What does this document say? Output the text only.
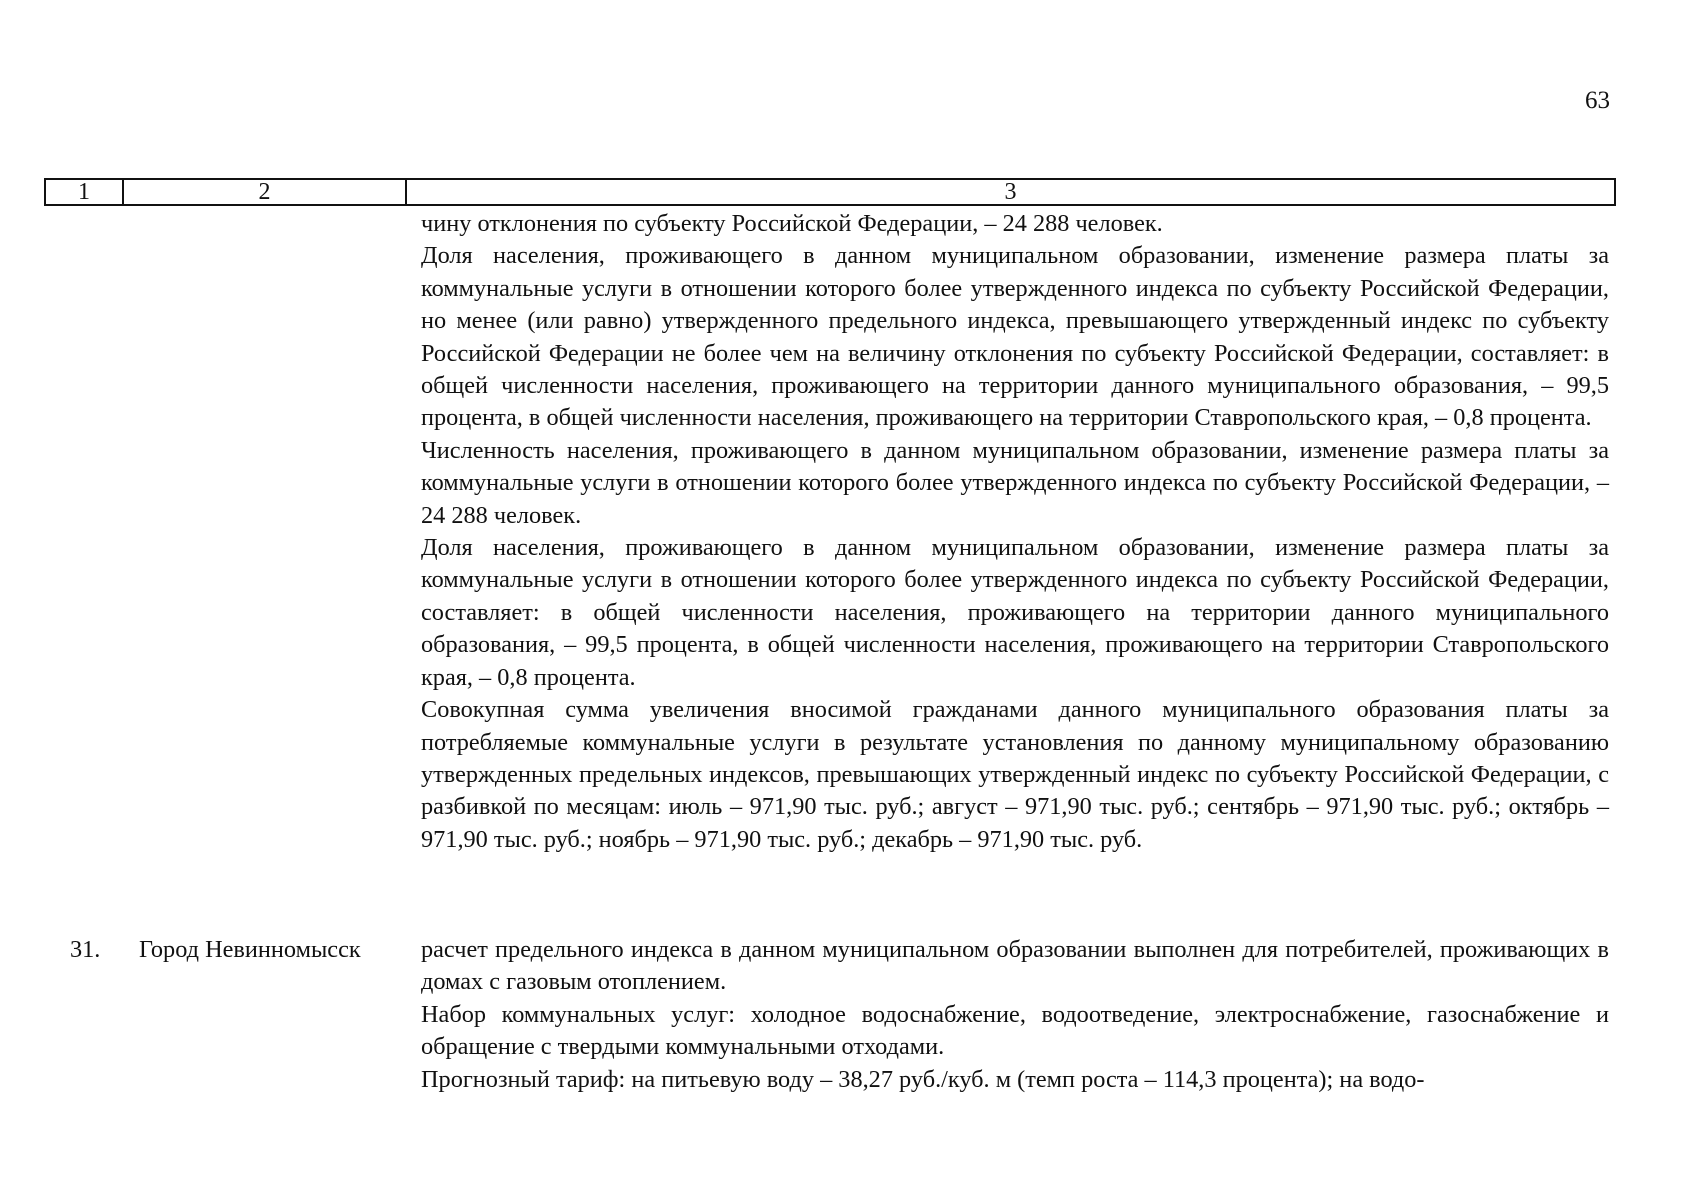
63
1	2	3

чину отклонения по субъекту Российской Федерации, – 24 288 человек.

Доля населения, проживающего в данном муниципальном образовании, изменение размера платы за коммунальные услуги в отношении которого более утвержденного индекса по субъекту Российской Федерации, но менее (или равно) утвержденного предельного индекса, превышающего утвержденный индекс по субъекту Российской Федерации не более чем на величину отклонения по субъекту Российской Федерации, составляет: в общей численности населения, проживающего на территории данного муниципального образования, – 99,5 процента, в общей численности населения, проживающего на территории Ставропольского края, – 0,8 процента.

Численность населения, проживающего в данном муниципальном образовании, изменение размера платы за коммунальные услуги в отношении которого более утвержденного индекса по субъекту Российской Федерации, – 24 288 человек.

Доля населения, проживающего в данном муниципальном образовании, изменение размера платы за коммунальные услуги в отношении которого более утвержденного индекса по субъекту Российской Федерации, составляет: в общей численности населения, проживающего на территории данного муниципального образования, – 99,5 процента, в общей численности населения, проживающего на территории Ставропольского края, – 0,8 процента.

Совокупная сумма увеличения вносимой гражданами данного муниципального образования платы за потребляемые коммунальные услуги в результате установления по данному муниципальному образованию утвержденных предельных индексов, превышающих утвержденный индекс по субъекту Российской Федерации, с разбивкой по месяцам: июль – 971,90 тыс. руб.; август – 971,90 тыс. руб.; сентябрь – 971,90 тыс. руб.; октябрь – 971,90 тыс. руб.; ноябрь – 971,90 тыс. руб.; декабрь – 971,90 тыс. руб.

31. Город Невинномысск расчет предельного индекса в данном муниципальном образовании выполнен для потребителей, проживающих в домах с газовым отоплением.

Набор коммунальных услуг: холодное водоснабжение, водоотведение, электроснабжение, газоснабжение и обращение с твердыми коммунальными отходами.

Прогнозный тариф: на питьевую воду – 38,27 руб./куб. м (темп роста – 114,3 процента); на водо-
